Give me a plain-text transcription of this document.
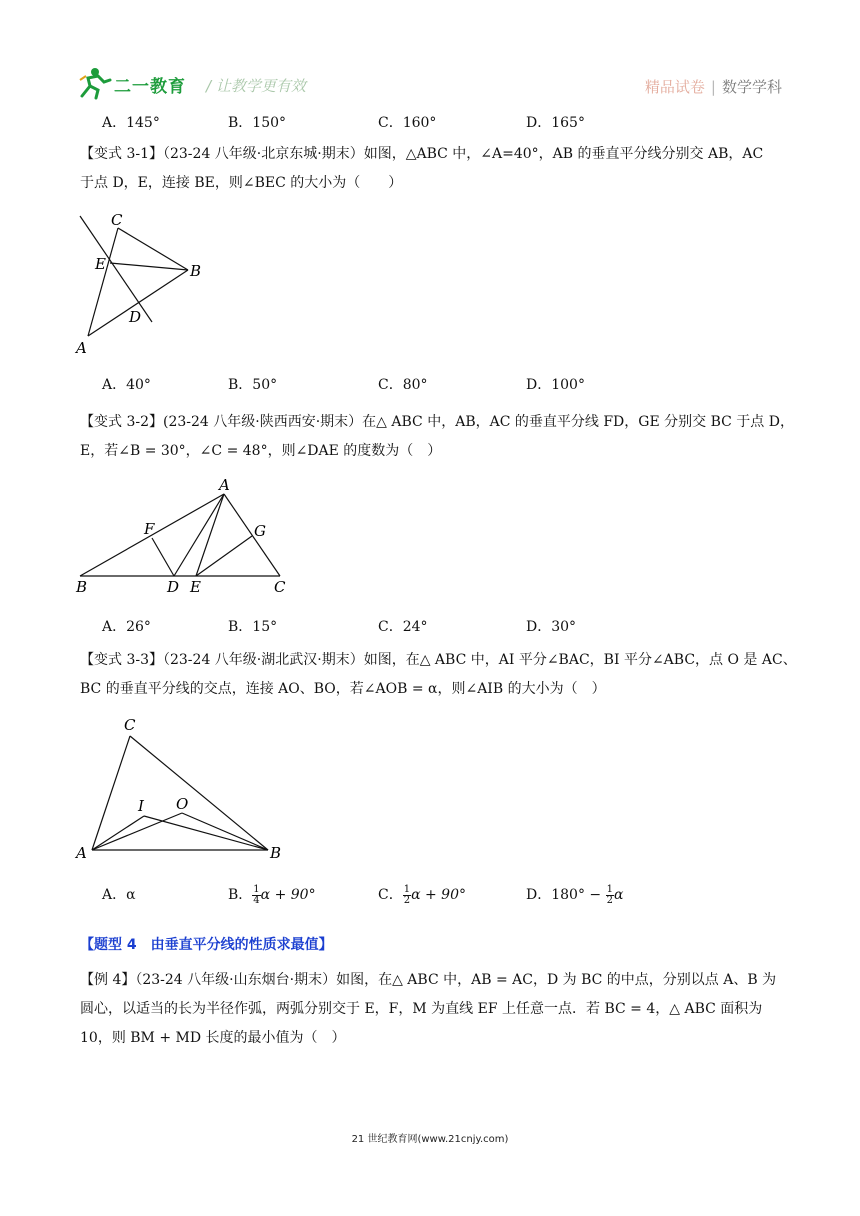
二一教育 / 让教学更有效	精品试卷 | 数学学科
A．145°	B．150°	C．160°	D．165°
【变式 3-1】（23-24 八年级·北京东城·期末）如图，△ABC 中，∠A=40°，AB 的垂直平分线分别交 AB，AC
于点 D，E，连接 BE，则∠BEC 的大小为（　　）
C
E	B
D
A
A．40°	B．50°	C．80°	D．100°
【变式 3-2】(23-24 八年级·陕西西安·期末）在△ ABC 中，AB，AC 的垂直平分线 FD，GE 分别交 BC 于点 D，
E，若∠B = 30°，∠C = 48°，则∠DAE 的度数为（　）
A
F	G
B	D E	C
A．26°	B．15°	C．24°	D．30°
【变式 3-3】（23-24 八年级·湖北武汉·期末）如图，在△ ABC 中，AI 平分∠BAC，BI 平分∠ABC，点 O 是 AC、
BC 的垂直平分线的交点，连接 AO、BO，若∠AOB = α，则∠AIB 的大小为（　）
C
I O
A	B
A．α	B． $\frac{1}{4}$ α + 90°	C． $\frac{1}{2}$ α + 90°	D．$180^\circ - \frac{1}{2}$ α
【题型 4　由垂直平分线的性质求最值】
【例 4】（23-24 八年级·山东烟台·期末）如图，在△ ABC 中，AB = AC，D 为 BC 的中点，分别以点 A、B 为
圆心，以适当的长为半径作弧，两弧分别交于 E，F，M 为直线 EF 上任意一点．若 BC = 4，△ ABC 面积为
10，则 BM + MD 长度的最小值为（　）
21 世纪教育网(www.21cnjy.com)
